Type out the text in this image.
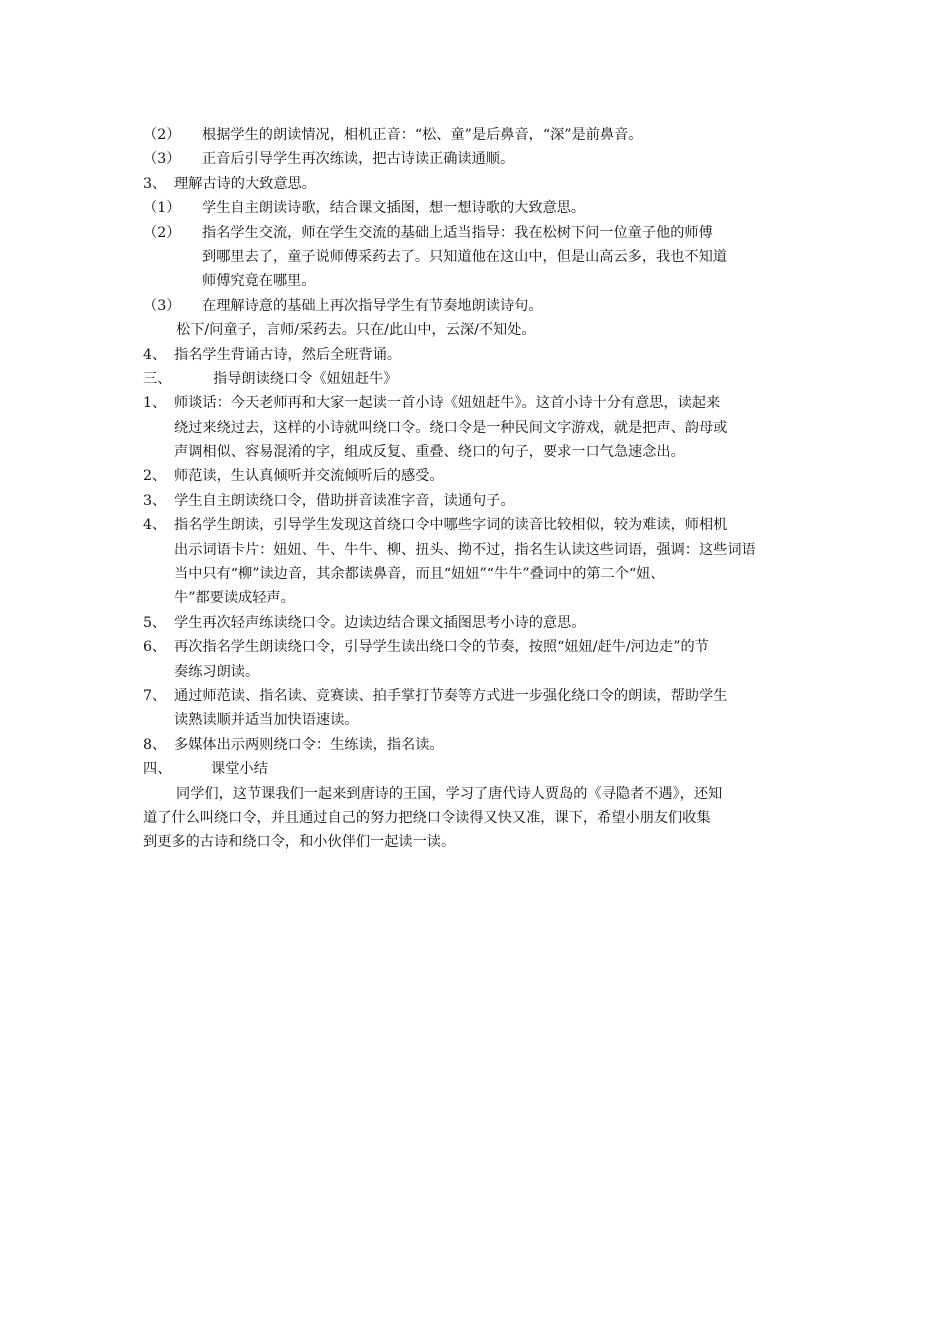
（2） 根据学生的朗读情况，相机正音：“松、童”是后鼻音，“深”是前鼻音。
（3） 正音后引导学生再次练读，把古诗读正确读通顺。
3、 理解古诗的大致意思。
（1） 学生自主朗读诗歌，结合课文插图，想一想诗歌的大致意思。
（2） 指名学生交流，师在学生交流的基础上适当指导：我在松树下问一位童子他的师傅
到哪里去了，童子说师傅采药去了。只知道他在这山中，但是山高云多，我也不知道
师傅究竟在哪里。
（3） 在理解诗意的基础上再次指导学生有节奏地朗读诗句。
松下/问童子，言师/采药去。只在/此山中，云深/不知处。
4、 指名学生背诵古诗，然后全班背诵。
三、	指导朗读绕口令《妞妞赶牛》
1、 师谈话：今天老师再和大家一起读一首小诗《妞妞赶牛》。这首小诗十分有意思，读起来
绕过来绕过去，这样的小诗就叫绕口令。绕口令是一种民间文字游戏，就是把声、韵母或
声调相似、容易混淆的字，组成反复、重叠、绕口的句子，要求一口气急速念出。
2、 师范读，生认真倾听并交流倾听后的感受。
3、 学生自主朗读绕口令，借助拼音读准字音，读通句子。
4、 指名学生朗读，引导学生发现这首绕口令中哪些字词的读音比较相似，较为难读，师相机
出示词语卡片：妞妞、牛、牛牛、柳、扭头、拗不过，指名生认读这些词语，强调：这些词语
当中只有“柳”读边音，其余都读鼻音，而且“妞妞”“牛牛”叠词中的第二个“妞、
牛”都要读成轻声。
5、 学生再次轻声练读绕口令。边读边结合课文插图思考小诗的意思。
6、 再次指名学生朗读绕口令，引导学生读出绕口令的节奏，按照“妞妞/赶牛/河边走”的节
奏练习朗读。
7、 通过师范读、指名读、竞赛读、拍手掌打节奏等方式进一步强化绕口令的朗读，帮助学生
读熟读顺并适当加快语速读。
8、 多媒体出示两则绕口令：生练读，指名读。
四、	课堂小结
同学们，这节课我们一起来到唐诗的王国，学习了唐代诗人贾岛的《寻隐者不遇》，还知
道了什么叫绕口令，并且通过自己的努力把绕口令读得又快又准，课下，希望小朋友们收集
到更多的古诗和绕口令，和小伙伴们一起读一读。
